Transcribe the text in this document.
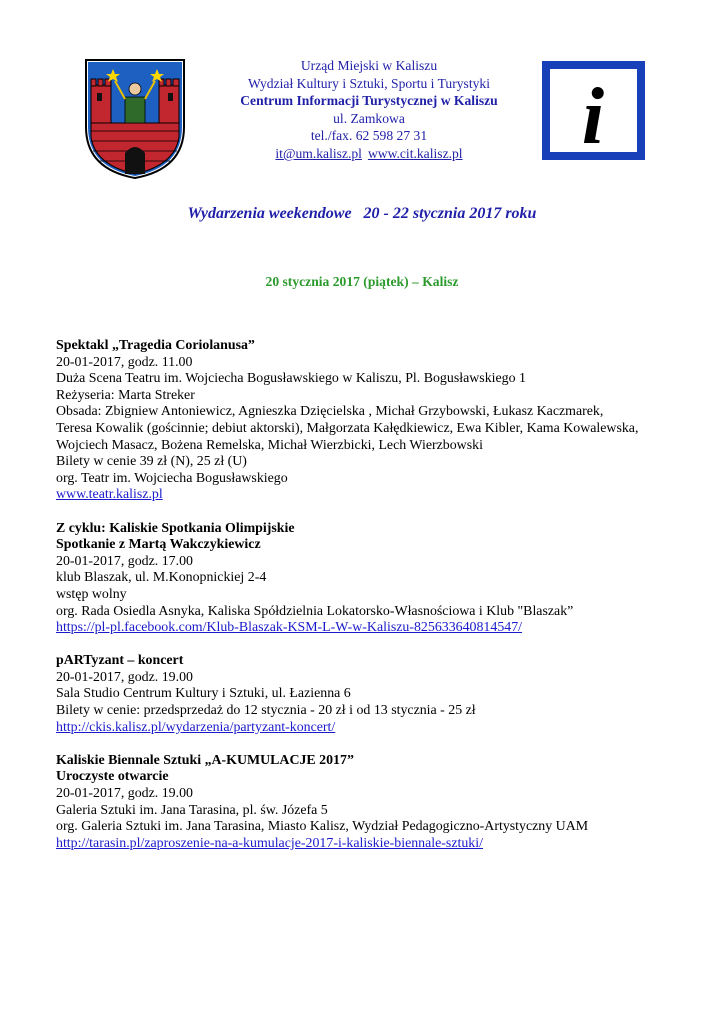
Urząd Miejski w Kaliszu
Wydział Kultury i Sztuki, Sportu i Turystyki
Centrum Informacji Turystycznej w Kaliszu
ul. Zamkowa
tel./fax. 62 598 27 31
it@um.kalisz.pl www.cit.kalisz.pl	i
Wydarzenia weekendowe   20 - 22 stycznia 2017 roku
20 stycznia 2017 (piątek) – Kalisz
Spektakl „Tragedia Coriolanusa”
20-01-2017, godz. 11.00
Duża Scena Teatru im. Wojciecha Bogusławskiego w Kaliszu, Pl. Bogusławskiego 1
Reżyseria: Marta Streker
Obsada: Zbigniew Antoniewicz, Agnieszka Dzięcielska , Michał Grzybowski, Łukasz Kaczmarek,
Teresa Kowalik (gościnnie; debiut aktorski), Małgorzata Kałędkiewicz, Ewa Kibler, Kama Kowalewska,
Wojciech Masacz, Bożena Remelska, Michał Wierzbicki, Lech Wierzbowski
Bilety w cenie 39 zł (N), 25 zł (U)
org. Teatr im. Wojciecha Bogusławskiego
www.teatr.kalisz.pl
Z cyklu: Kaliskie Spotkania Olimpijskie
Spotkanie z Martą Wakczykiewicz
20-01-2017, godz. 17.00
klub Blaszak, ul. M.Konopnickiej 2-4
wstęp wolny
org. Rada Osiedla Asnyka, Kaliska Spółdzielnia Lokatorsko-Własnościowa i Klub "Blaszak”
https://pl-pl.facebook.com/Klub-Blaszak-KSM-L-W-w-Kaliszu-825633640814547/
pARTyzant – koncert
20-01-2017, godz. 19.00
Sala Studio Centrum Kultury i Sztuki, ul. Łazienna 6
Bilety w cenie: przedsprzedaż do 12 stycznia - 20 zł i od 13 stycznia - 25 zł
http://ckis.kalisz.pl/wydarzenia/partyzant-koncert/
Kaliskie Biennale Sztuki „A-KUMULACJE 2017”
Uroczyste otwarcie
20-01-2017, godz. 19.00
Galeria Sztuki im. Jana Tarasina, pl. św. Józefa 5
org. Galeria Sztuki im. Jana Tarasina, Miasto Kalisz, Wydział Pedagogiczno-Artystyczny UAM
http://tarasin.pl/zaproszenie-na-a-kumulacje-2017-i-kaliskie-biennale-sztuki/
